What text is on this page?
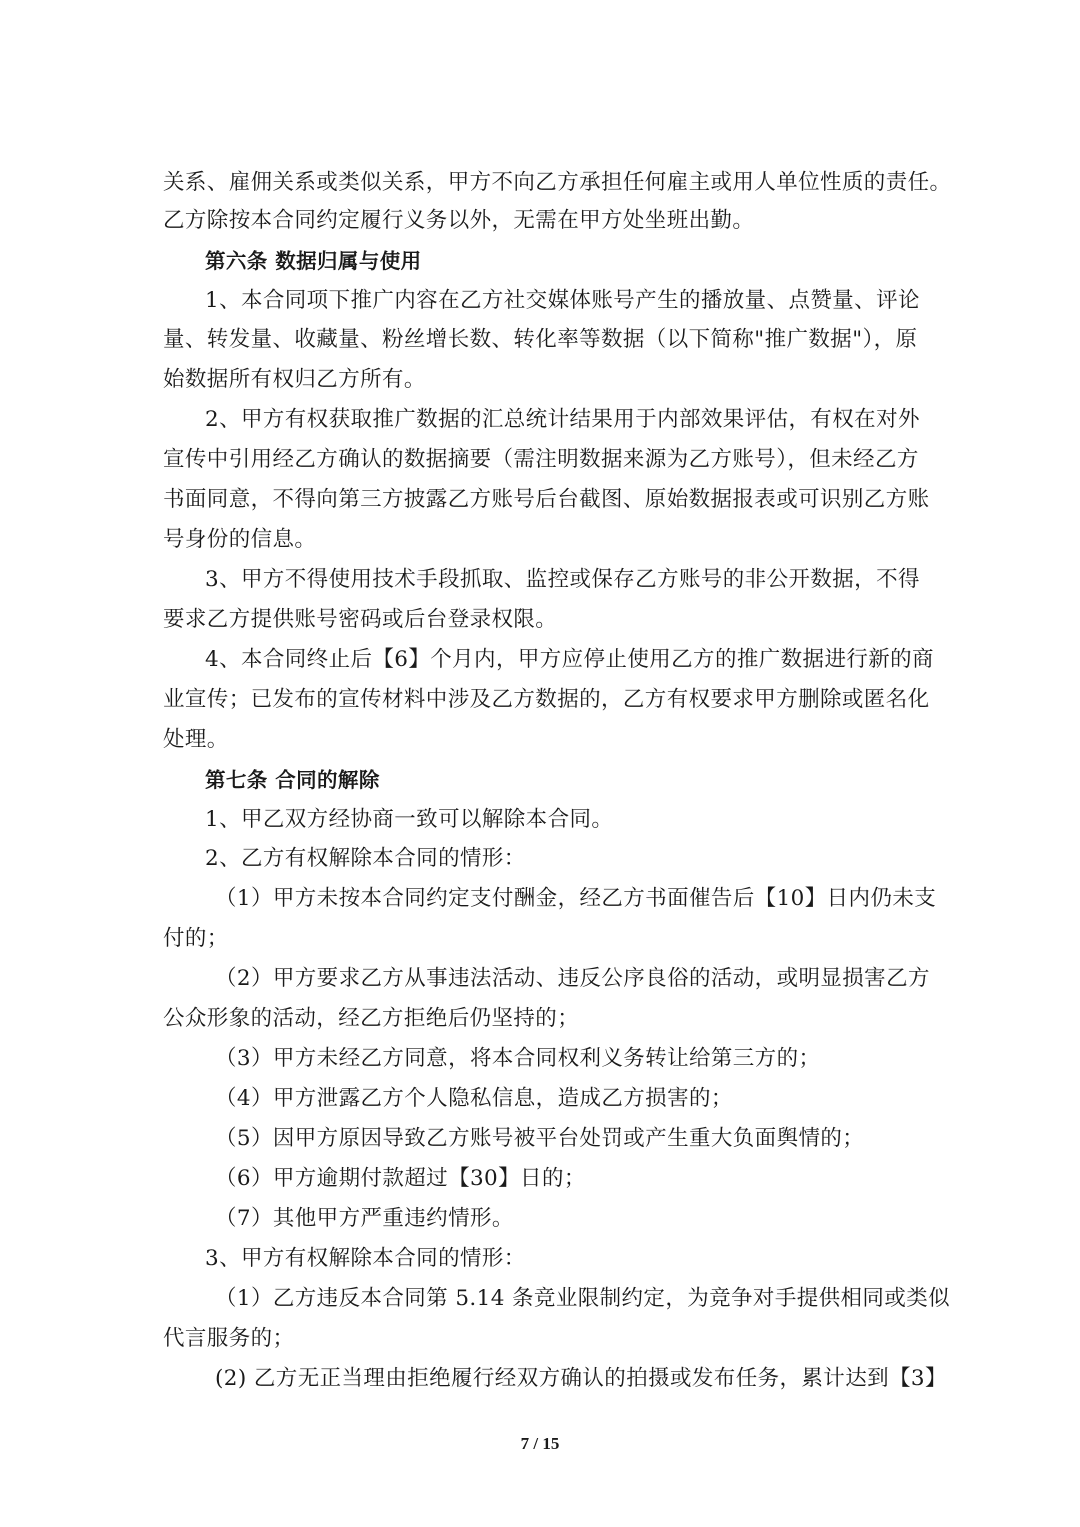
关系、雇佣关系或类似关系，甲方不向乙方承担任何雇主或用人单位性质的责任。
乙方除按本合同约定履行义务以外，无需在甲方处坐班出勤。
第六条 数据归属与使用
1、本合同项下推广内容在乙方社交媒体账号产生的播放量、点赞量、评论
量、转发量、收藏量、粉丝增长数、转化率等数据（以下简称"推广数据"），原
始数据所有权归乙方所有。
2、甲方有权获取推广数据的汇总统计结果用于内部效果评估，有权在对外
宣传中引用经乙方确认的数据摘要（需注明数据来源为乙方账号），但未经乙方
书面同意，不得向第三方披露乙方账号后台截图、原始数据报表或可识别乙方账
号身份的信息。
3、甲方不得使用技术手段抓取、监控或保存乙方账号的非公开数据，不得
要求乙方提供账号密码或后台登录权限。
4、本合同终止后【6】个月内，甲方应停止使用乙方的推广数据进行新的商
业宣传；已发布的宣传材料中涉及乙方数据的，乙方有权要求甲方删除或匿名化
处理。
第七条 合同的解除
1、甲乙双方经协商一致可以解除本合同。
2、乙方有权解除本合同的情形：
（1）甲方未按本合同约定支付酬金，经乙方书面催告后【10】日内仍未支
付的；
（2）甲方要求乙方从事违法活动、违反公序良俗的活动，或明显损害乙方
公众形象的活动，经乙方拒绝后仍坚持的；
（3）甲方未经乙方同意，将本合同权利义务转让给第三方的；
（4）甲方泄露乙方个人隐私信息，造成乙方损害的；
（5）因甲方原因导致乙方账号被平台处罚或产生重大负面舆情的；
（6）甲方逾期付款超过【30】日的；
（7）其他甲方严重违约情形。
3、甲方有权解除本合同的情形：
（1）乙方违反本合同第 5.14 条竞业限制约定，为竞争对手提供相同或类似
代言服务的；
(2) 乙方无正当理由拒绝履行经双方确认的拍摄或发布任务，累计达到【3】
7 / 15
